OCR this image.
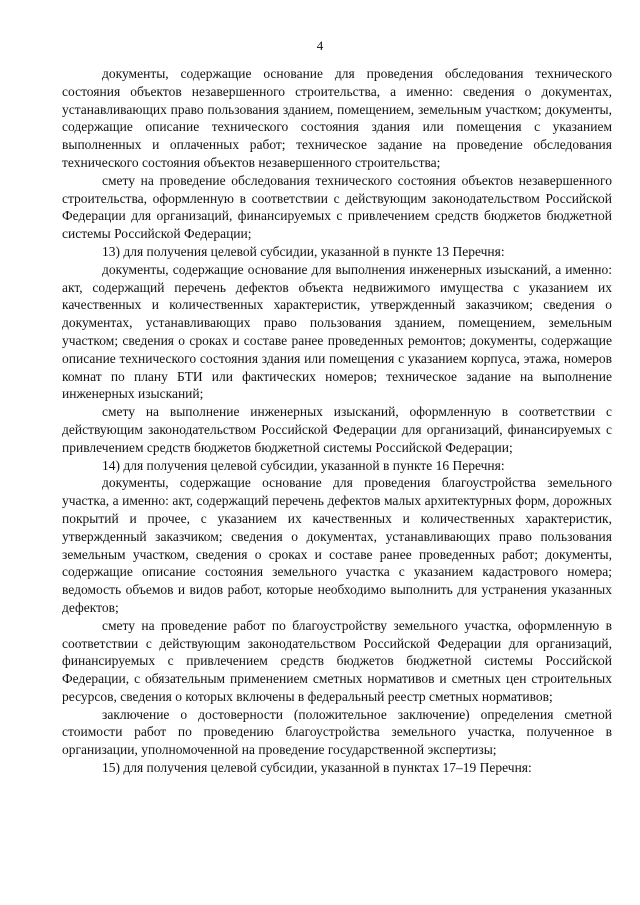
4

документы, содержащие основание для проведения обследования технического состояния объектов незавершенного строительства, а именно: сведения о документах, устанавливающих право пользования зданием, помещением, земельным участком; документы, содержащие описание технического состояния здания или помещения с указанием выполненных и оплаченных работ; техническое задание на проведение обследования технического состояния объектов незавершенного строительства;

смету на проведение обследования технического состояния объектов незавершенного строительства, оформленную в соответствии с действующим законодательством Российской Федерации для организаций, финансируемых с привлечением средств бюджетов бюджетной системы Российской Федерации;

13) для получения целевой субсидии, указанной в пункте 13 Перечня:

документы, содержащие основание для выполнения инженерных изысканий, а именно: акт, содержащий перечень дефектов объекта недвижимого имущества с указанием их качественных и количественных характеристик, утвержденный заказчиком; сведения о документах, устанавливающих право пользования зданием, помещением, земельным участком; сведения о сроках и составе ранее проведенных ремонтов; документы, содержащие описание технического состояния здания или помещения с указанием корпуса, этажа, номеров комнат по плану БТИ или фактических номеров; техническое задание на выполнение инженерных изысканий;

смету на выполнение инженерных изысканий, оформленную в соответствии с действующим законодательством Российской Федерации для организаций, финансируемых с привлечением средств бюджетов бюджетной системы Российской Федерации;

14) для получения целевой субсидии, указанной в пункте 16 Перечня:

документы, содержащие основание для проведения благоустройства земельного участка, а именно: акт, содержащий перечень дефектов малых архитектурных форм, дорожных покрытий и прочее, с указанием их качественных и количественных характеристик, утвержденный заказчиком; сведения о документах, устанавливающих право пользования земельным участком, сведения о сроках и составе ранее проведенных работ; документы, содержащие описание состояния земельного участка с указанием кадастрового номера; ведомость объемов и видов работ, которые необходимо выполнить для устранения указанных дефектов;

смету на проведение работ по благоустройству земельного участка, оформленную в соответствии с действующим законодательством Российской Федерации для организаций, финансируемых с привлечением средств бюджетов бюджетной системы Российской Федерации, с обязательным применением сметных нормативов и сметных цен строительных ресурсов, сведения о которых включены в федеральный реестр сметных нормативов;

заключение о достоверности (положительное заключение) определения сметной стоимости работ по проведению благоустройства земельного участка, полученное в организации, уполномоченной на проведение государственной экспертизы;

15) для получения целевой субсидии, указанной в пунктах 17–19 Перечня:
